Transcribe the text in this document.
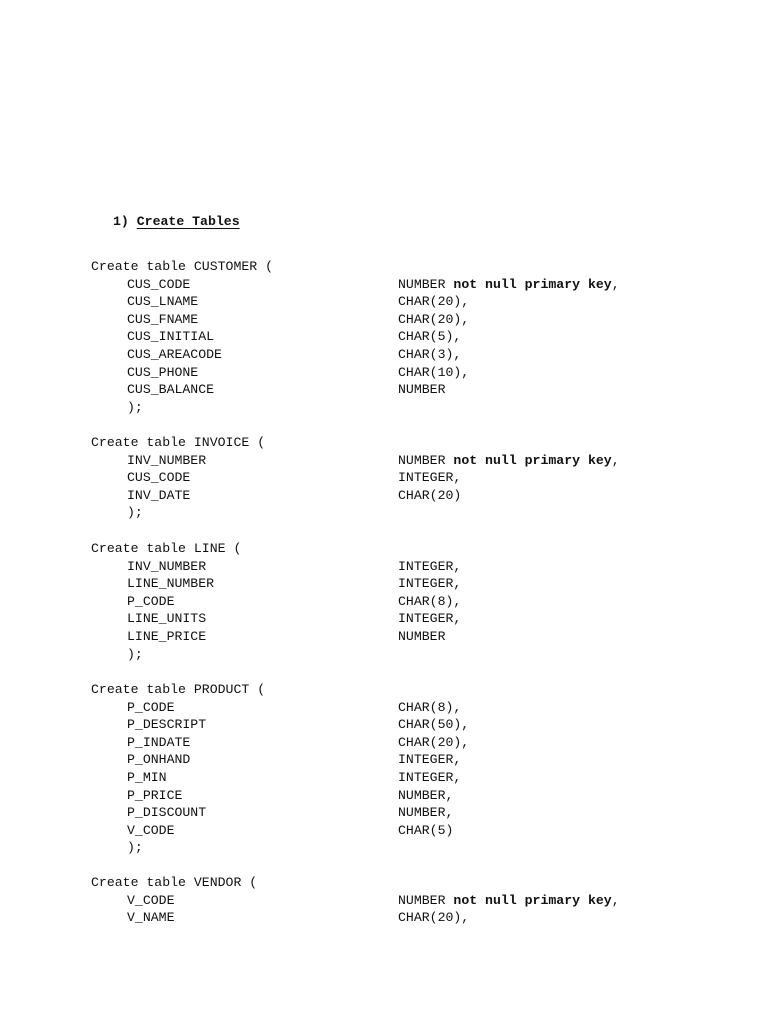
1) Create Tables
Create table CUSTOMER (
CUS_CODE	NUMBER not null primary key,
CUS_LNAME	CHAR(20),
CUS_FNAME	CHAR(20),
CUS_INITIAL	CHAR(5),
CUS_AREACODE	CHAR(3),
CUS_PHONE	CHAR(10),
CUS_BALANCE	NUMBER
);
Create table INVOICE (
INV_NUMBER	NUMBER not null primary key,
CUS_CODE	INTEGER,
INV_DATE	CHAR(20)
);
Create table LINE (
INV_NUMBER	INTEGER,
LINE_NUMBER	INTEGER,
P_CODE	CHAR(8),
LINE_UNITS	INTEGER,
LINE_PRICE	NUMBER
);
Create table PRODUCT (
P_CODE	CHAR(8),
P_DESCRIPT	CHAR(50),
P_INDATE	CHAR(20),
P_ONHAND	INTEGER,
P_MIN	INTEGER,
P_PRICE	NUMBER,
P_DISCOUNT	NUMBER,
V_CODE	CHAR(5)
);
Create table VENDOR (
V_CODE	NUMBER not null primary key,
V_NAME	CHAR(20),
